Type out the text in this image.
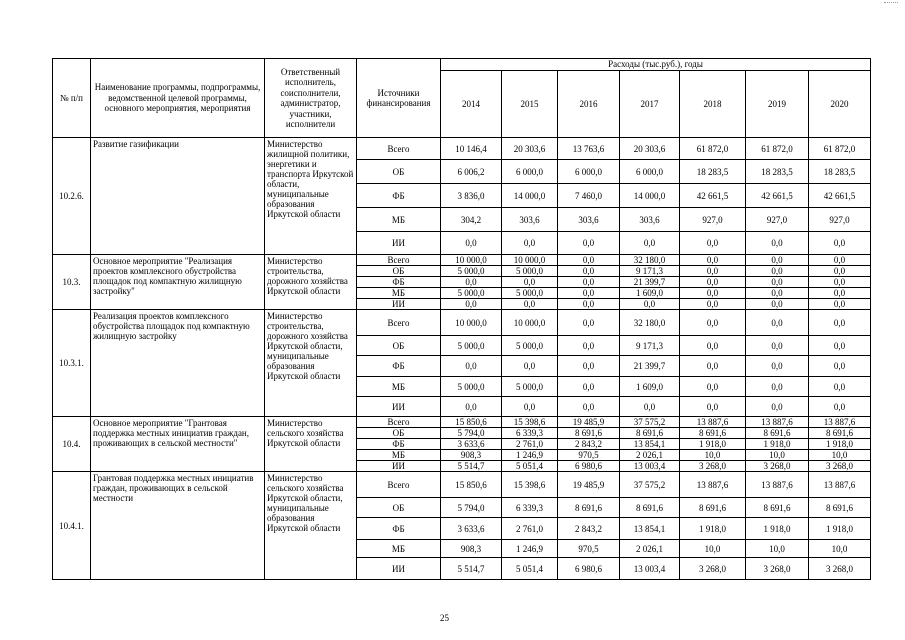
№ п/п	Наименование программы, подпрограммы, ведомственной целевой программы, основного мероприятия, мероприятия	Ответственный исполнитель, соисполнители, администратор, участники, исполнители	Источники финансирования	Расходы (тыс.руб.), годы						
				2014	2015	2016	2017	2018	2019	2020
10.2.6.	Развитие газификации	Министерство жилищной политики, энергетики и транспорта Иркутской области, муниципальные образования Иркутской области	Всего	10 146,4	20 303,6	13 763,6	20 303,6	61 872,0	61 872,0	61 872,0
			ОБ	6 006,2	6 000,0	6 000,0	6 000,0	18 283,5	18 283,5	18 283,5
			ФБ	3 836,0	14 000,0	7 460,0	14 000,0	42 661,5	42 661,5	42 661,5
			МБ	304,2	303,6	303,6	303,6	927,0	927,0	927,0
			ИИ	0,0	0,0	0,0	0,0	0,0	0,0	0,0
10.3.	Основное мероприятие "Реализация проектов комплексного обустройства площадок под компактную жилищную застройку"	Министерство строительства, дорожного хозяйства Иркутской области	Всего	10 000,0	10 000,0	0,0	32 180,0	0,0	0,0	0,0
			ОБ	5 000,0	5 000,0	0,0	9 171,3	0,0	0,0	0,0
			ФБ	0,0	0,0	0,0	21 399,7	0,0	0,0	0,0
			МБ	5 000,0	5 000,0	0,0	1 609,0	0,0	0,0	0,0
			ИИ	0,0	0,0	0,0	0,0	0,0	0,0	0,0
10.3.1.	Реализация проектов комплексного обустройства площадок под компактную жилищную застройку	Министерство строительства, дорожного хозяйства Иркутской области, муниципальные образования Иркутской области	Всего	10 000,0	10 000,0	0,0	32 180,0	0,0	0,0	0,0
			ОБ	5 000,0	5 000,0	0,0	9 171,3	0,0	0,0	0,0
			ФБ	0,0	0,0	0,0	21 399,7	0,0	0,0	0,0
			МБ	5 000,0	5 000,0	0,0	1 609,0	0,0	0,0	0,0
			ИИ	0,0	0,0	0,0	0,0	0,0	0,0	0,0
10.4.	Основное мероприятие "Грантовая поддержка местных инициатив граждан, проживающих в сельской местности"	Министерство сельского хозяйства Иркутской области	Всего	15 850,6	15 398,6	19 485,9	37 575,2	13 887,6	13 887,6	13 887,6
			ОБ	5 794,0	6 339,3	8 691,6	8 691,6	8 691,6	8 691,6	8 691,6
			ФБ	3 633,6	2 761,0	2 843,2	13 854,1	1 918,0	1 918,0	1 918,0
			МБ	908,3	1 246,9	970,5	2 026,1	10,0	10,0	10,0
			ИИ	5 514,7	5 051,4	6 980,6	13 003,4	3 268,0	3 268,0	3 268,0
10.4.1.	Грантовая поддержка местных инициатив граждан, проживающих в сельской местности	Министерство сельского хозяйства Иркутской области, муниципальные образования Иркутской области	Всего	15 850,6	15 398,6	19 485,9	37 575,2	13 887,6	13 887,6	13 887,6
			ОБ	5 794,0	6 339,3	8 691,6	8 691,6	8 691,6	8 691,6	8 691,6
			ФБ	3 633,6	2 761,0	2 843,2	13 854,1	1 918,0	1 918,0	1 918,0
			МБ	908,3	1 246,9	970,5	2 026,1	10,0	10,0	10,0
			ИИ	5 514,7	5 051,4	6 980,6	13 003,4	3 268,0	3 268,0	3 268,0
25
